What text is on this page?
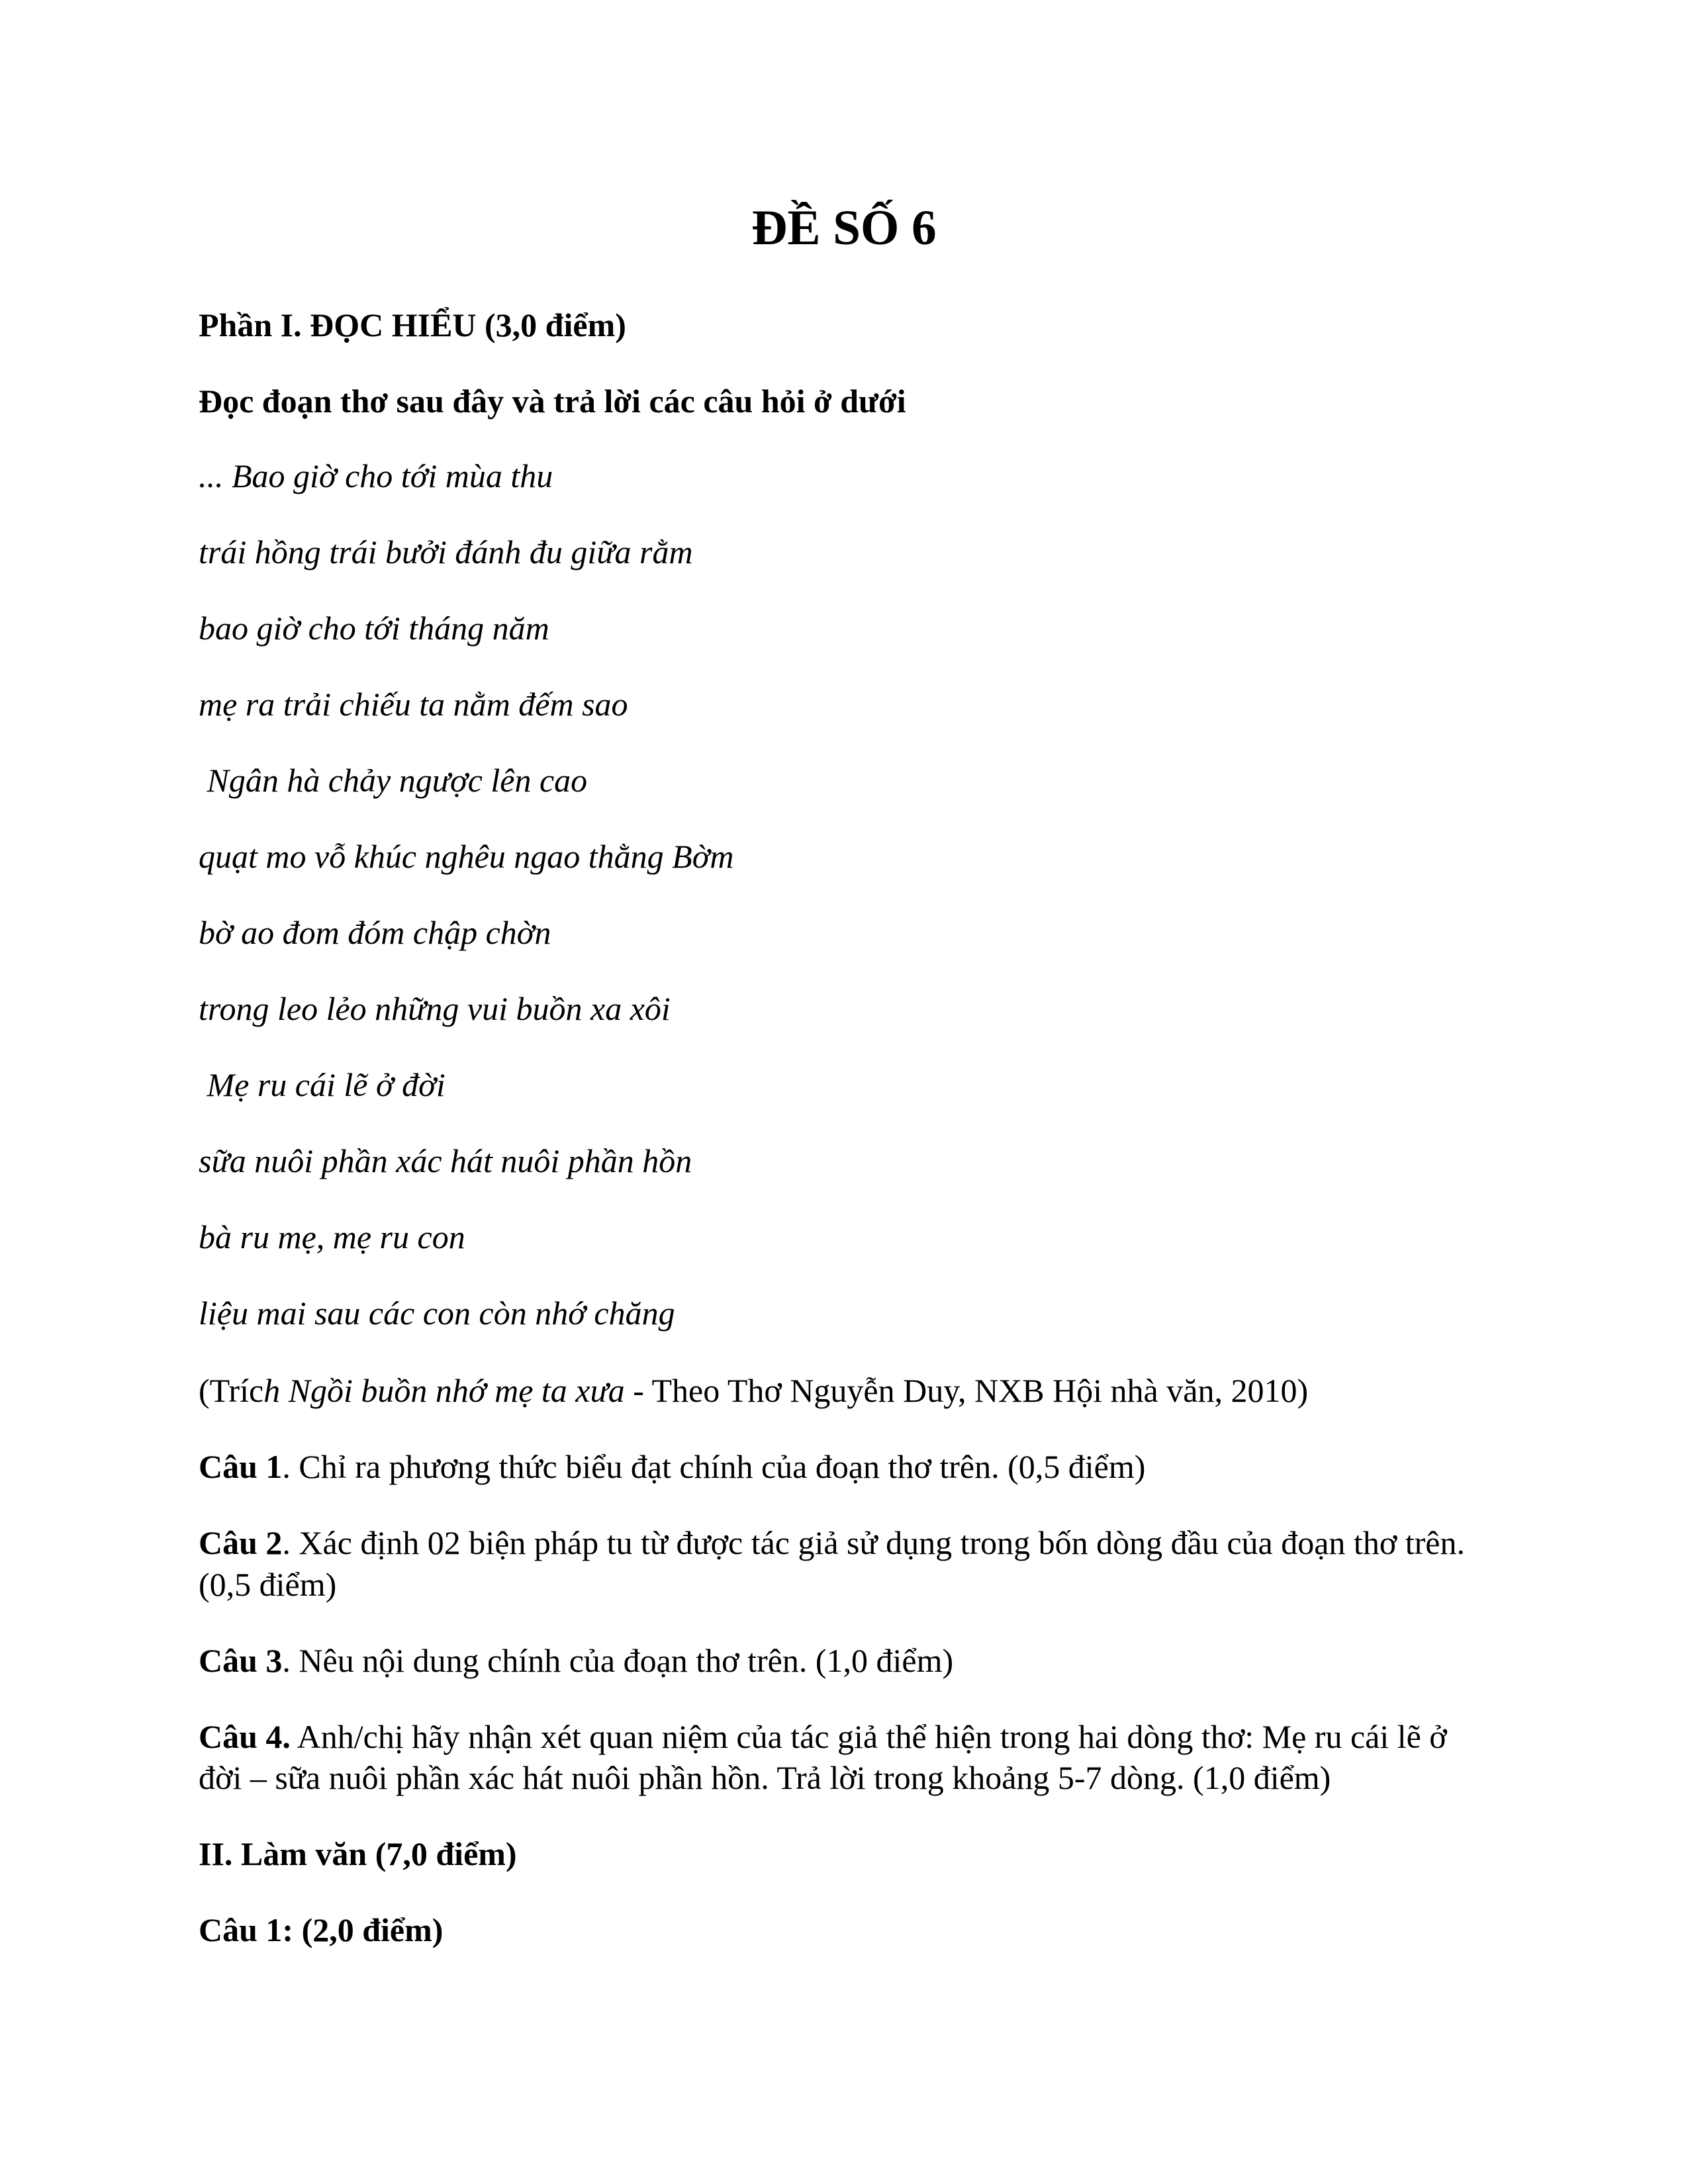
ĐỀ SỐ 6

Phần I. ĐỌC HIỂU (3,0 điểm)

Đọc đoạn thơ sau đây và trả lời các câu hỏi ở dưới

... Bao giờ cho tới mùa thu

trái hồng trái bưởi đánh đu giữa rằm

bao giờ cho tới tháng năm

mẹ ra trải chiếu ta nằm đếm sao

Ngân hà chảy ngược lên cao

quạt mo vỗ khúc nghêu ngao thằng Bờm

bờ ao đom đóm chập chờn

trong leo lẻo những vui buồn xa xôi

Mẹ ru cái lẽ ở đời

sữa nuôi phần xác hát nuôi phần hồn

bà ru mẹ, mẹ ru con

liệu mai sau các con còn nhớ chăng

(Trích Ngồi buồn nhớ mẹ ta xưa - Theo Thơ Nguyễn Duy, NXB Hội nhà văn, 2010)

Câu 1. Chỉ ra phương thức biểu đạt chính của đoạn thơ trên. (0,5 điểm)

Câu 2. Xác định 02 biện pháp tu từ được tác giả sử dụng trong bốn dòng đầu của đoạn thơ trên.

(0,5 điểm)

Câu 3. Nêu nội dung chính của đoạn thơ trên. (1,0 điểm)

Câu 4. Anh/chị hãy nhận xét quan niệm của tác giả thể hiện trong hai dòng thơ: Mẹ ru cái lẽ ở

đời – sữa nuôi phần xác hát nuôi phần hồn. Trả lời trong khoảng 5-7 dòng. (1,0 điểm)

II. Làm văn (7,0 điểm)

Câu 1: (2,0 điểm)
